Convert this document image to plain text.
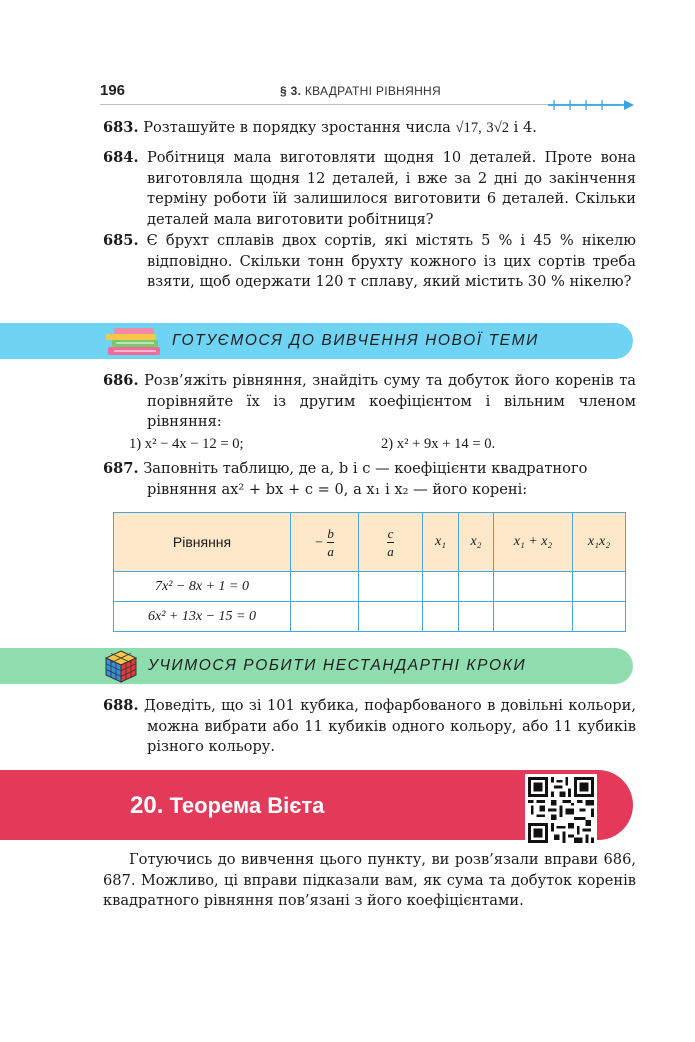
196	§ 3. КВАДРАТНІ РІВНЯННЯ
683. Розташуйте в порядку зростання числа √17, 3√2 і 4.
684. Робітниця мала виготовляти щодня 10 деталей. Проте вона виготовляла щодня 12 деталей, і вже за 2 дні до закінчення терміну роботи їй залишилося виготовити 6 деталей. Скільки деталей мала виготовити робітниця?
685. Є брухт сплавів двох сортів, які містять 5 % і 45 % нікелю відповідно. Скільки тонн брухту кожного із цих сортів треба взяти, щоб одержати 120 т сплаву, який містить 30 % нікелю?
ГОТУЄМОСЯ ДО ВИВЧЕННЯ НОВОЇ ТЕМИ
686. Розв’яжіть рівняння, знайдіть суму та добуток його коренів та порівняйте їх із другим коефіцієнтом і вільним членом рівняння:
1) x² − 4x − 12 = 0;	2) x² + 9x + 14 = 0.
687. Заповніть таблицю, де a, b і c — коефіцієнти квадратного
рівняння ax² + bx + c = 0, а x₁ і x₂ — його корені:
Рівняння	− $\frac{b}{a}$	$\frac{c}{a}$	x₁	x₂	x₁ + x₂	x₁x₂
7x² − 8x + 1 = 0						
6x² + 13x − 15 = 0						
УЧИМОСЯ РОБИТИ НЕСТАНДАРТНІ КРОКИ
688. Доведіть, що зі 101 кубика, пофарбованого в довільні кольори, можна вибрати або 11 кубиків одного кольору, або 11 кубиків різного кольору.
20. Теорема Вієта
Готуючись до вивчення цього пункту, ви розв’язали вправи 686, 687. Можливо, ці вправи підказали вам, як сума та добуток коренів квадратного рівняння пов’язані з його коефіцієнтами.
